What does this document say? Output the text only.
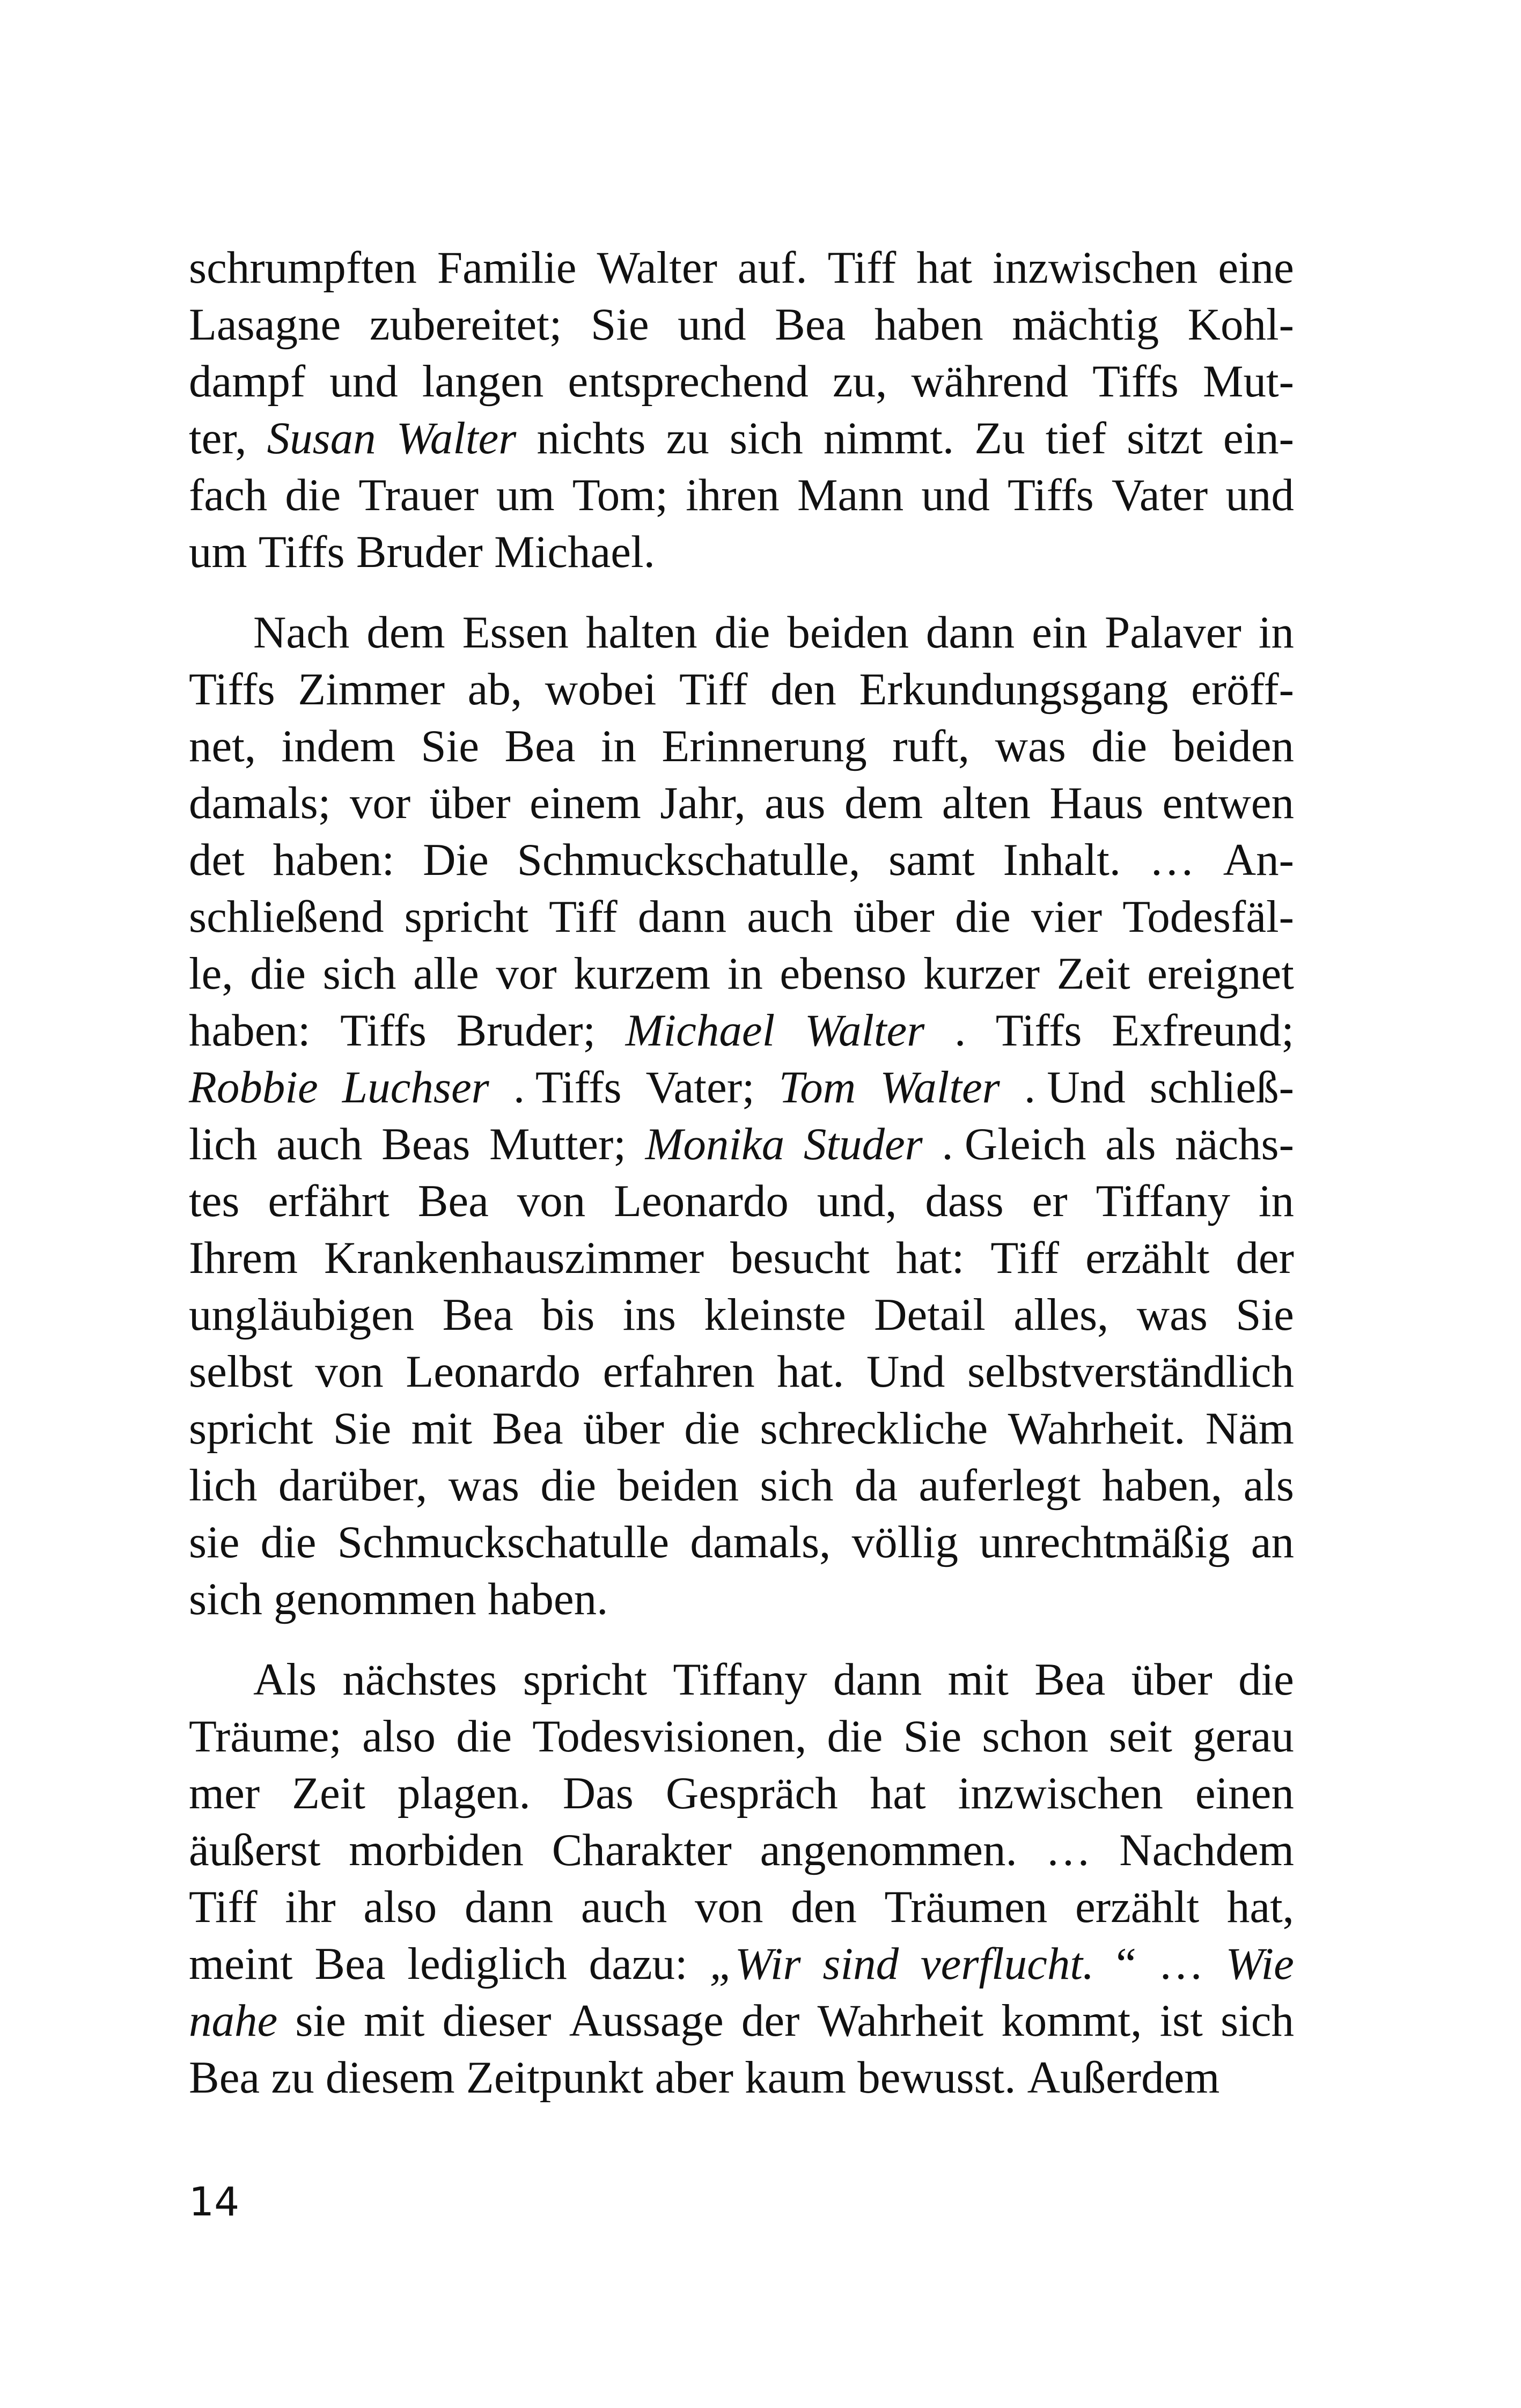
schrumpften Familie Walter auf. Tiff hat inzwischen eine
Lasagne zubereitet; Sie und Bea haben mächtig Kohl-
dampf und langen entsprechend zu, während Tiffs Mut-
ter, Susan Walter nichts zu sich nimmt. Zu tief sitzt ein-
fach die Trauer um Tom; ihren Mann und Tiffs Vater und
um Tiffs Bruder Michael.
Nach dem Essen halten die beiden dann ein Palaver in
Tiffs Zimmer ab, wobei Tiff den Erkundungsgang eröff-
net, indem Sie Bea in Erinnerung ruft, was die beiden
damals; vor über einem Jahr, aus dem alten Haus entwen
det haben: Die Schmuckschatulle, samt Inhalt. … An-
schließend spricht Tiff dann auch über die vier Todesfäl-
le, die sich alle vor kurzem in ebenso kurzer Zeit ereignet
haben: Tiffs Bruder; Michael Walter . Tiffs Exfreund;
Robbie Luchser . Tiffs Vater; Tom Walter . Und schließ-
lich auch Beas Mutter; Monika Studer . Gleich als nächs-
tes erfährt Bea von Leonardo und, dass er Tiffany in
Ihrem Krankenhauszimmer besucht hat: Tiff erzählt der
ungläubigen Bea bis ins kleinste Detail alles, was Sie
selbst von Leonardo erfahren hat. Und selbstverständlich
spricht Sie mit Bea über die schreckliche Wahrheit. Näm
lich darüber, was die beiden sich da auferlegt haben, als
sie die Schmuckschatulle damals, völlig unrechtmäßig an
sich genommen haben.
Als nächstes spricht Tiffany dann mit Bea über die
Träume; also die Todesvisionen, die Sie schon seit gerau
mer Zeit plagen. Das Gespräch hat inzwischen einen
äußerst morbiden Charakter angenommen. … Nachdem
Tiff ihr also dann auch von den Träumen erzählt hat,
meint Bea lediglich dazu: „Wir sind verflucht. “ … Wie
nahe sie mit dieser Aussage der Wahrheit kommt, ist sich
Bea zu diesem Zeitpunkt aber kaum bewusst. Außerdem
14
